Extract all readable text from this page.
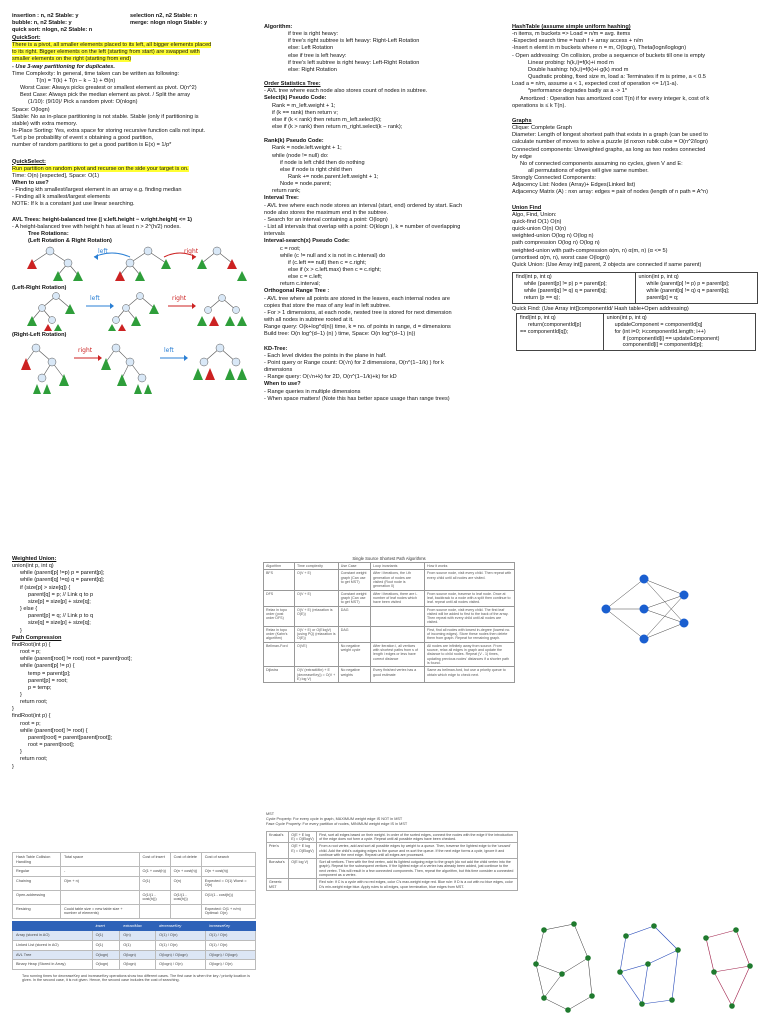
insertion : n, n2 Stable: y
bubble: n, n2 Stable: y
quick sort: nlogn, n2 Stable: n
selection n2, n2 Stable: n
merge: nlogn nlogn Stable: y
QuickSort:
There is a pivot, all smaller elements placed to its left, all bigger elements placed
to its right. Bigger elements on the left (starting from start) are swapped with
smaller elements on the right (starting from end)
- Use 3-way partitioning for duplicates.
Time Complexity: In general, time taken can be written as following:
T(n) = T(k) + T(n − k − 1) + Θ(n)
Worst Case: Always picks greatest or smallest element as pivot. O(n^2)
Best Case: Always pick the median element as pivot. / Split the array
(1/10): (9/10)/ Pick a random pivot: O(nlogn)
Space: O(logn)
Stable: No as in-place partitioning is not stable. Stable (only if partitioning is
stable) with extra memory.
In-Place Sorting: Yes, extra space for storing recursive function calls not input.
*Let p be probability of event x obtaining a good partition,
number of random partitions to get a good partition is E(x) = 1/p*
QuickSelect:
Run partition on random pivot and recurse on the side your target is on.
Time: O(n) [expected], Space: O(1)
When to use?
- Finding kth smallest/largest element in an array e.g. finding median
- Finding all k smallest/largest elements
NOTE: If k is a constant just use linear searching.
AVL Trees: height-balanced tree (| v.left.height − v.right.height| <= 1)
- A height-balanced tree with height h has at least n > 2^(h/2) nodes.
Tree Rotations:
(Left Rotation & Right Rotation)
left	right
(Left-Right Rotation)
left	right
(Right-Left Rotation)
right	left
Algorithm:
if tree is right heavy:
if tree's right subtree is left heavy: Right-Left Rotation
else: Left Rotation
else if tree is left heavy:
if tree's left subtree is right heavy: Left-Right Rotation
else: Right Rotation
Order Statistics Tree:
- AVL tree where each node also stores count of nodes in subtree.
Select(k) Pseudo Code:
Rank = m_left.weight + 1;
if (k == rank) then return v;
else if (k < rank) then return m_left.select(k);
else if (k > rank) then return m_right.select(k − rank);
Rank(k) Pseudo Code:
Rank = node.left.weight + 1;
while (node != null) do:
if node is left child then do nothing
else if node is right child then
Rank += node.parent.left.weight + 1;
Node = node.parent;
return rank;
Interval Tree:
- AVL tree where each node stores an interval (start, end) ordered by start. Each
node also stores the maximum end in the subtree.
- Search for an interval containing a point: O(logn)
- List all intervals that overlap with a point: O(klogn ), k = number of overlapping
intervals
Interval-search(x) Pseudo Code:
c = root;
while (c != null and x is not in c.interval) do
if (c.left == null) then c = c.right;
else if (x > c.left.max) then c = c.right;
else c = c.left;
return c.interval;
Orthogonal Range Tree :
- AVL tree where all points are stored in the leaves, each internal nodes are
copies that store the max of any leaf in left subtree.
- For > 1 dimensions, at each node, nested tree is stored for next dimension
with all nodes in subtree rooted at it.
Range query: O(k+log^d(n)) time, k = no. of points in range, d = dimensions
Build tree: O(n log^(d−1) (n) ) time, Space: O(n log^(d−1) (n))
KD-Tree:
- Each level divides the points in the plane in half.
- Point query or Range count: O(√n) for 2 dimensions, O(n^(1−1/k) ) for k
dimensions
- Range query: O(√n+k) for 2D, O(n^(1−1/k)+k) for kD
When to use?
- Range queries in multiple dimensions
- When space matters! (Note this has better space usage than range trees)
HashTable (assume simple uniform hashing)
-n items, m buckets => Load = n/m = avg. items
-Expected search time = hash f + array access + n/m
-Insert n elemt in m buckets where n = m, O(logn), Theta(logn/loglogn)
- Open addressing: On collision, probe a sequence of buckets till one is empty
Linear probing: h(k,i)=f(k)+i mod m
Double hashing: h(k,i)=f(k)+i·g(k) mod m
Quadratic probing, fixed size m, load a: Terminates if m is prime, a < 0.5
Load a = n/m, assume a < 1, expected cost of operation <= 1/(1-a).
*performance degrades badly as a -> 1*
Amortized : Operation has amortized cost T(n) if for every integer k, cost of k
operations is ≤ k T(n).
Graphs
Clique: Complete Graph
Diameter: Length of longest shortest path that exists in a graph (can be used to
calculate number of moves to solve a puzzle (d nxnxn rubik cube = O(n^2/logn)
Connected components: Unweighted graphs, as long as two nodes connected
by edge
No of connected components assuming no cycles, given V and E:
all permutations of edges will give same number.
Strongly Connected Components:
Adjacency List: Nodes (Array)+ Edges(Linked list)
Adjacency Matrix (A) : nxn array: edges = pair of nodes (length of n path = A^n)
Union Find
Algo, Find, Union:
quick-find O(1) O(n)
quick-union O(n) O(n)
weighted-union O(log n) O(log n)
path compression O(log n) O(log n)
weighted-union with path-compression α(m, n) α(m, n) (α <= 5)
(amortised α(m, n), worst case O(logn))
Quick Union: (Use Array int[] parent, 2 objects are connected if same parent)
find(int p, int q)
while (parent[p] != p) p = parent[p];
while (parent[q] != q) q = parent[q];
return (p == q);

union(int p, int q)
while (parent[p] != p) p = parent[p];
while (parent[q] != q) q = parent[q];
parent[p] = q;
Quick Find: (Use Array int[]componentId/ Hash table+Open addressing)
find(int p, int q)
return(componentId[p]
== componentId[q]);

union(int p, int q)
updateComponent = componentId[q]
for (int i=0; i<componentId.length; i++)
if (componentId[i] == updateComponent)
componentId[i] = componentId[p];
Weighted Union:
union(int p, int q)
while (parent[p] !=p) p = parent[p];
while (parent[q] !=q) q = parent[q];
if (size[p] > size[q]) {
parent[q] = p; // Link q to p
size[p] = size[p] + size[q];
} else {
parent[p] = q; // Link p to q
size[q] = size[p] + size[q];
}
Path Compression
findRoot(int p) {
root = p;
while (parent[root] != root) root = parent[root];
while (parent[p] != p) {
temp = parent[p];
parent[p] = root;
p = temp;
}
return root;
}
findRoot(int p) {
root = p;
while (parent[root] != root) {
parent[root] = parent[parent[root]];
root = parent[root];
}
return root;
}
Single Source Shortest Path Algorithms				
Algorithm	Time complexity	Use Case	Loop invariants	How it works
BFS	O(V + E)	Constant weight graph (Can use to get MST)	After i iterations, the i-th generation of nodes are visited (Root node is generation 0)	From source node, visit every child. Then repeat with every child until all nodes are visited.
DFS	O(V + E)	Constant weight graph (Can use to get MST)	After i iterations, there are i-number of leaf nodes which have been visited	From source node, traverse to leaf node. Once at leaf, backtrack to a node with a split then continue to leaf. repeat until all nodes visited.
Relax in topo order (post order DFS)	O(V + E) (relaxation is O(E))	DAG		From source node, visit every child. The first leaf visited will be added to first to the back of the array. Then repeat with every child until all nodes are visited.
Relax in topo order (Kahn's algorithm)	O(V + E) or O(ElogV) (using PQ) (relaxation is O(E))	DAG		First, find all nodes with lowest in-degree (lowest no. of incoming edges). Store these nodes then delete them from graph. Repeat for remaining graph.
Bellman-Ford	O(VE)	No negative weight cycle	After iteration i, all vertices with shortest paths from s of length i edges or less have correct distance	All nodes are infinitely away from source. From source, relax all edges in graph and update the distance to child nodes. Repeat (V - 1) times, updating previous nodes' distances if a shorter path is found.
Dijkstra	O(V (extractMin) + E (decreaseKey)) = O(V + E) log V)	No negative weights	Every finished vertex has a good estimate	Same as bellman-ford, but use a priority queue to obtain which edge to check next.
MST
Cycle Property: For every cycle in graph, MAXIMUM weight edge IS NOT in MST
Fase Cycle Property: For every partition of nodes, MINIMUM weight edge IS in MST
Kruskal's	O(E + E log E) = O(ElogV)	First, sort all edges based on their weight. In order of the sorted edges, connect the nodes with the edge if the introduction of the edge does not form a cycle. Repeat until all possible edges have been checked.
Prim's	O(E + E log E) = O(ElogV)	From a root vertex, add and sort all possible edges by weight to a queue. Then, traverse the lightest edge to the 'unused' child. Add the child's outgoing edges to the queue and re-sort the queue. If the next edge forms a cycle, ignore it and continue with the next edge. Repeat until all edges are processed.
Boruvka's	O(E log V)	Sort all vertices. Then with the first vertex, add its lightest outgoing edge to the graph (do not add the child vertex into the graph). Repeat for the subsequent vertices. If the lightest edge of a vertex has already been added, just continue to the next vertex. This will result in a few connected components. Then, repeat the algorithm, but this time consider a connected component as a vertex.
Generic MST		Red rule: If C is a cycle with no red edges, color C's max-weight edge red. Blue rule: If D is a cut with no blue edges, color D's min-weight edge blue. Apply rules to all edges, upon termination, blue edges from MST.
Hash Table Collision Handling	Total space	Cost of insert	Cost of delete	Cost of search
Regular	-	O(1 + cost(h))	O(n + cost(h))	O(n + cost(h))
Chaining	O(m + n)	O(1)	O(n)	Expected = O(1) Worst = O(n)
Open-addressing		O(1/(1 - cost(h)))	O(1/(1 - cost(h)))	O(1/(1 - cost(h)))
Resizing	Could table size = new table size + number of elements)			Expected: O(1 + n/m) Optimal: O(n)
	insert	extractMax	decreaseKey	increaseKey
Array (stored in AO)	O(1)	O(n)	O(1) / O(n)	O(1) / O(n)
Linked List (stored in AO)	O(1)	O(1)	O(1) / O(n)	O(1) / O(n)
AVL Tree	O(logn)	O(logn)	O(logn) / O(logn)	O(logn) / O(logn)
Binary Heap (Stored in Array)	O(logn)	O(logn)	O(logn) / O(n)	O(logn) / O(n)
Two running times for decreaseKey and increaseKey operations show two different cases. The first case is when the key / priority location is given. In the second case, it is not given. Hence, the second case includes the cost of searching.
